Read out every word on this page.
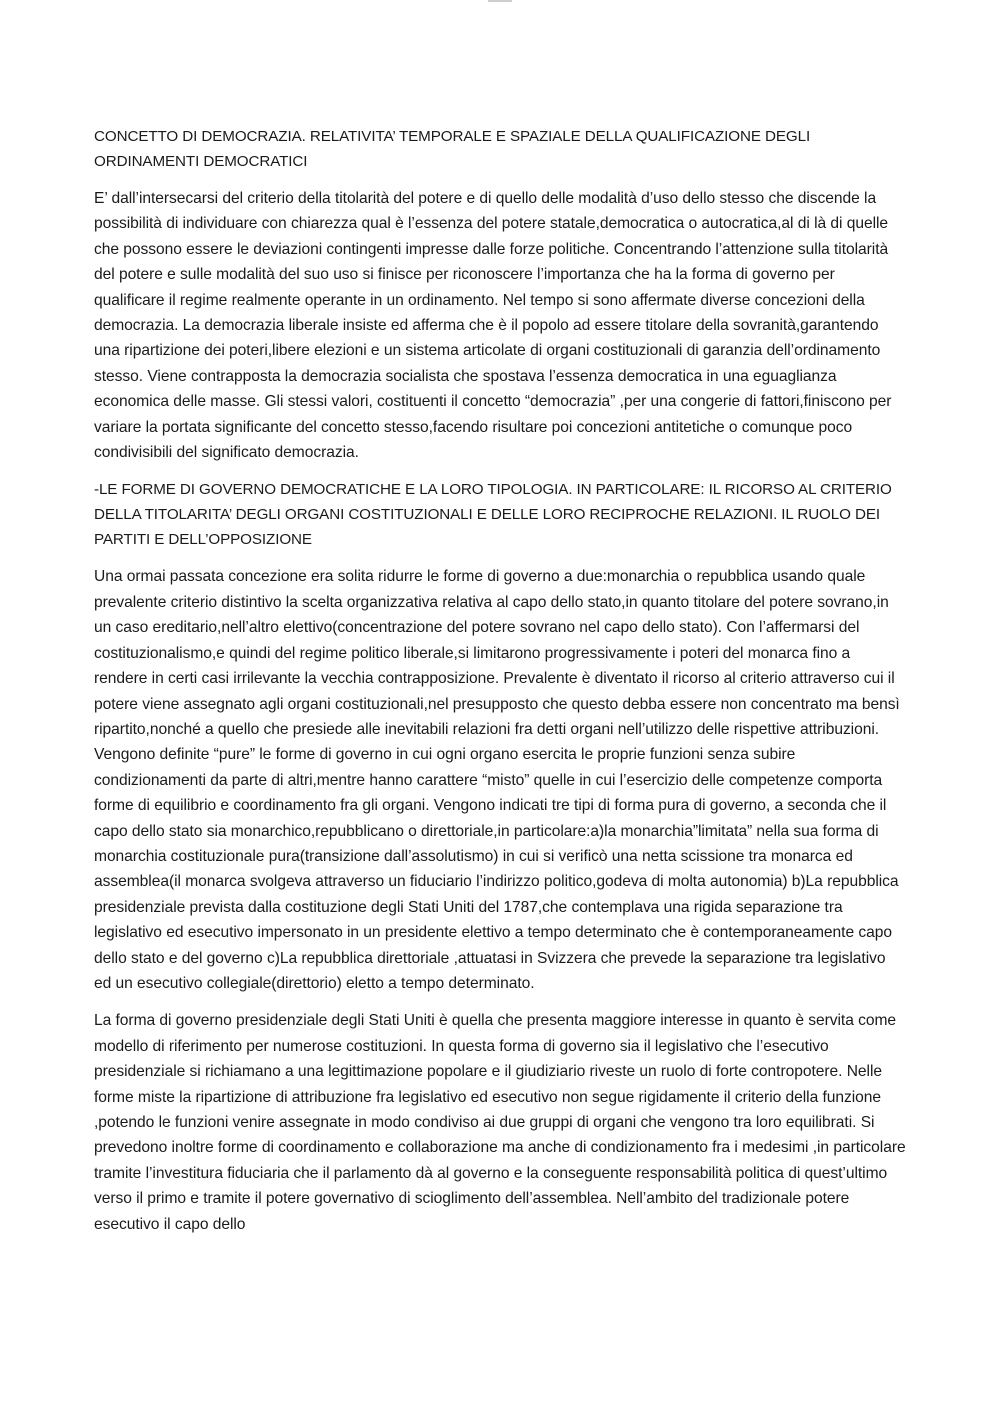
CONCETTO DI DEMOCRAZIA. RELATIVITA’ TEMPORALE E SPAZIALE DELLA QUALIFICAZIONE DEGLI ORDINAMENTI DEMOCRATICI

E’ dall’intersecarsi del criterio della titolarità del potere e di quello delle modalità d’uso dello stesso che discende la possibilità di individuare con chiarezza qual è l’essenza del potere statale,democratica o autocratica,al di là di quelle che possono essere le deviazioni contingenti impresse dalle forze politiche. Concentrando l’attenzione sulla titolarità del potere e sulle modalità del suo uso si finisce per riconoscere l’importanza che ha la forma di governo per qualificare il regime realmente operante in un ordinamento. Nel tempo si sono affermate diverse concezioni della democrazia. La democrazia liberale insiste ed afferma che è il popolo ad essere titolare della sovranità,garantendo una ripartizione dei poteri,libere elezioni e un sistema articolate di organi costituzionali di garanzia dell’ordinamento stesso. Viene contrapposta la democrazia socialista che spostava l’essenza democratica in una eguaglianza economica delle masse. Gli stessi valori, costituenti il concetto “democrazia” ,per una congerie di fattori,finiscono per variare la portata significante del concetto stesso,facendo risultare poi concezioni antitetiche o comunque poco condivisibili del significato democrazia.

-LE FORME DI GOVERNO DEMOCRATICHE E LA LORO TIPOLOGIA. IN PARTICOLARE: IL RICORSO AL CRITERIO DELLA TITOLARITA’ DEGLI ORGANI COSTITUZIONALI E DELLE LORO RECIPROCHE RELAZIONI. IL RUOLO DEI PARTITI E DELL’OPPOSIZIONE

Una ormai passata concezione era solita ridurre le forme di governo a due:monarchia o repubblica usando quale prevalente criterio distintivo la scelta organizzativa relativa al capo dello stato,in quanto titolare del potere sovrano,in un caso ereditario,nell’altro elettivo(concentrazione del potere sovrano nel capo dello stato). Con l’affermarsi del costituzionalismo,e quindi del regime politico liberale,si limitarono progressivamente i poteri del monarca fino a rendere in certi casi irrilevante la vecchia contrapposizione. Prevalente è diventato il ricorso al criterio attraverso cui il potere viene assegnato agli organi costituzionali,nel presupposto che questo debba essere non concentrato ma bensì ripartito,nonché a quello che presiede alle inevitabili relazioni fra detti organi nell’utilizzo delle rispettive attribuzioni. Vengono definite “pure” le forme di governo in cui ogni organo esercita le proprie funzioni senza subire condizionamenti da parte di altri,mentre hanno carattere “misto” quelle in cui l’esercizio delle competenze comporta forme di equilibrio e coordinamento fra gli organi. Vengono indicati tre tipi di forma pura di governo, a seconda che il capo dello stato sia monarchico,repubblicano o direttoriale,in particolare:a)la monarchia”limitata” nella sua forma di monarchia costituzionale pura(transizione dall’assolutismo) in cui si verificò una netta scissione tra monarca ed assemblea(il monarca svolgeva attraverso un fiduciario l’indirizzo politico,godeva di molta autonomia) b)La repubblica presidenziale prevista dalla costituzione degli Stati Uniti del 1787,che contemplava una rigida separazione tra legislativo ed esecutivo impersonato in un presidente elettivo a tempo determinato che è contemporaneamente capo dello stato e del governo c)La repubblica direttoriale ,attuatasi in Svizzera che prevede la separazione tra legislativo ed un esecutivo collegiale(direttorio) eletto a tempo determinato.

La forma di governo presidenziale degli Stati Uniti è quella che presenta maggiore interesse in quanto è servita come modello di riferimento per numerose costituzioni. In questa forma di governo sia il legislativo che l’esecutivo presidenziale si richiamano a una legittimazione popolare e il giudiziario riveste un ruolo di forte contropotere. Nelle forme miste la ripartizione di attribuzione fra legislativo ed esecutivo non segue rigidamente il criterio della funzione ,potendo le funzioni venire assegnate in modo condiviso ai due gruppi di organi che vengono tra loro equilibrati. Si prevedono inoltre forme di coordinamento e collaborazione ma anche di condizionamento fra i medesimi ,in particolare tramite l’investitura fiduciaria che il parlamento dà al governo e la conseguente responsabilità politica di quest’ultimo verso il primo e tramite il potere governativo di scioglimento dell’assemblea. Nell’ambito del tradizionale potere esecutivo il capo dello
